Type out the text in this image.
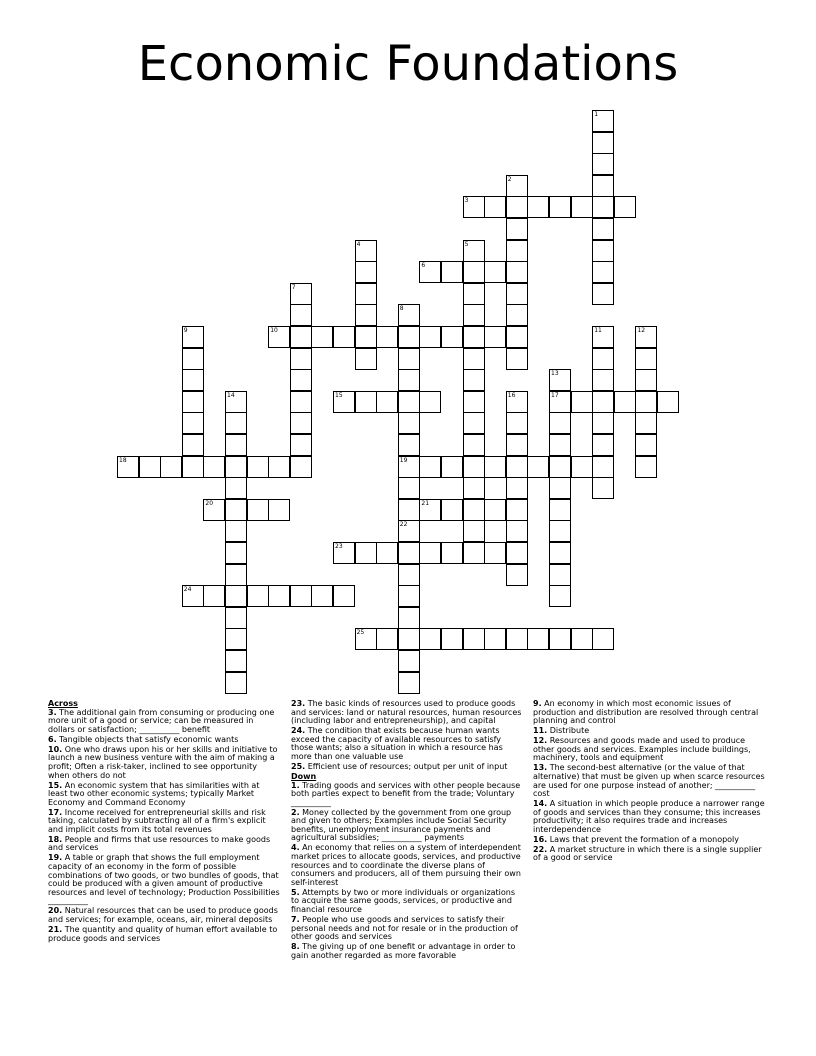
Economic Foundations
1
2
3
4	5
6
7
8
19
22
9	10	11	12
13
17
14	15	16
18
20	21
23
24
25
Across
3. The additional gain from consuming or producing one more unit of a good or service; can be measured in dollars or satisfaction; __________ benefit
6. Tangible objects that satisfy economic wants
10. One who draws upon his or her skills and initiative to launch a new business venture with the aim of making a profit; Often a risk-taker, inclined to see opportunity when others do not
15. An economic system that has similarities with at least two other economic systems; typically Market Economy and Command Economy
17. Income received for entrepreneurial skills and risk taking, calculated by subtracting all of a firm's explicit and implicit costs from its total revenues
18. People and firms that use resources to make goods and services
19. A table or graph that shows the full employment capacity of an economy in the form of possible combinations of two goods, or two bundles of goods, that could be produced with a given amount of productive resources and level of technology; Production Possibilities __________
20. Natural resources that can be used to produce goods and services; for example, oceans, air, mineral deposits
21. The quantity and quality of human effort available to produce goods and services
23. The basic kinds of resources used to produce goods and services: land or natural resources, human resources (including labor and entrepreneurship), and capital
24. The condition that exists because human wants exceed the capacity of available resources to satisfy those wants; also a situation in which a resource has more than one valuable use
25. Efficient use of resources; output per unit of input
Down
1. Trading goods and services with other people because both parties expect to benefit from the trade; Voluntary __________
2. Money collected by the government from one group and given to others; Examples include Social Security benefits, unemployment insurance payments and agricultural subsidies; __________ payments
4. An economy that relies on a system of interdependent market prices to allocate goods, services, and productive resources and to coordinate the diverse plans of consumers and producers, all of them pursuing their own self-interest
5. Attempts by two or more individuals or organizations to acquire the same goods, services, or productive and financial resource
7. People who use goods and services to satisfy their personal needs and not for resale or in the production of other goods and services
8. The giving up of one benefit or advantage in order to gain another regarded as more favorable
9. An economy in which most economic issues of production and distribution are resolved through central planning and control
11. Distribute
12. Resources and goods made and used to produce other goods and services. Examples include buildings, machinery, tools and equipment
13. The second-best alternative (or the value of that alternative) that must be given up when scarce resources are used for one purpose instead of another; __________ cost
14. A situation in which people produce a narrower range of goods and services than they consume; this increases productivity; it also requires trade and increases interdependence
16. Laws that prevent the formation of a monopoly
22. A market structure in which there is a single supplier of a good or service
